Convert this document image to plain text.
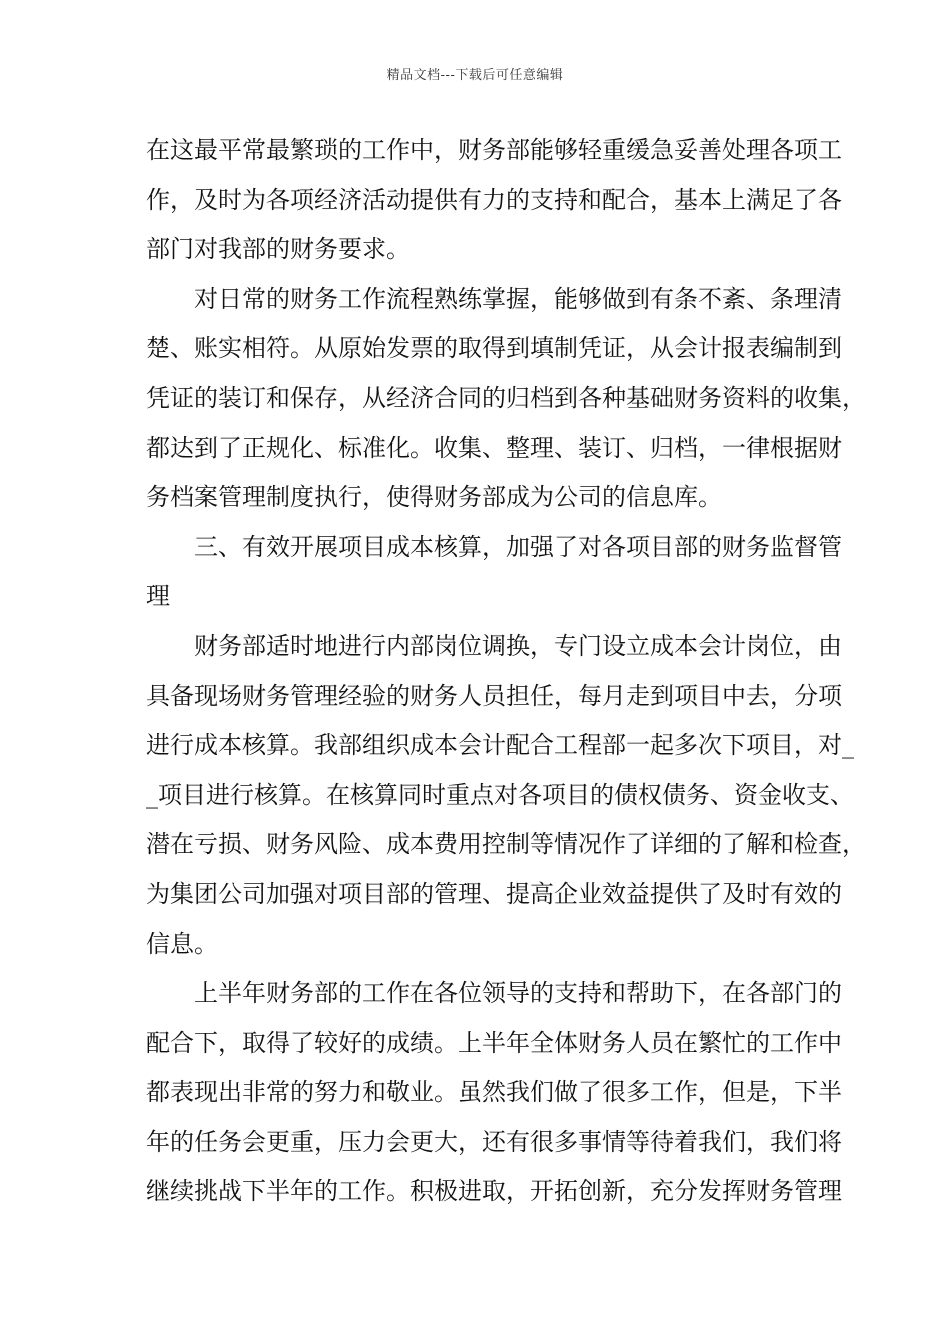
精品文档---下载后可任意编辑
在这最平常最繁琐的工作中，财务部能够轻重缓急妥善处理各项工
作，及时为各项经济活动提供有力的支持和配合，基本上满足了各
部门对我部的财务要求。
对日常的财务工作流程熟练掌握，能够做到有条不紊、条理清
楚、账实相符。从原始发票的取得到填制凭证，从会计报表编制到
凭证的装订和保存，从经济合同的归档到各种基础财务资料的收集，
都达到了正规化、标准化。收集、整理、装订、归档，一律根据财
务档案管理制度执行，使得财务部成为公司的信息库。
三、有效开展项目成本核算，加强了对各项目部的财务监督管
理
财务部适时地进行内部岗位调换，专门设立成本会计岗位，由
具备现场财务管理经验的财务人员担任，每月走到项目中去，分项
进行成本核算。我部组织成本会计配合工程部一起多次下项目，对_
_项目进行核算。在核算同时重点对各项目的债权债务、资金收支、
潜在亏损、财务风险、成本费用控制等情况作了详细的了解和检查，
为集团公司加强对项目部的管理、提高企业效益提供了及时有效的
信息。
上半年财务部的工作在各位领导的支持和帮助下，在各部门的
配合下，取得了较好的成绩。上半年全体财务人员在繁忙的工作中
都表现出非常的努力和敬业。虽然我们做了很多工作，但是，下半
年的任务会更重，压力会更大，还有很多事情等待着我们，我们将
继续挑战下半年的工作。积极进取，开拓创新，充分发挥财务管理
